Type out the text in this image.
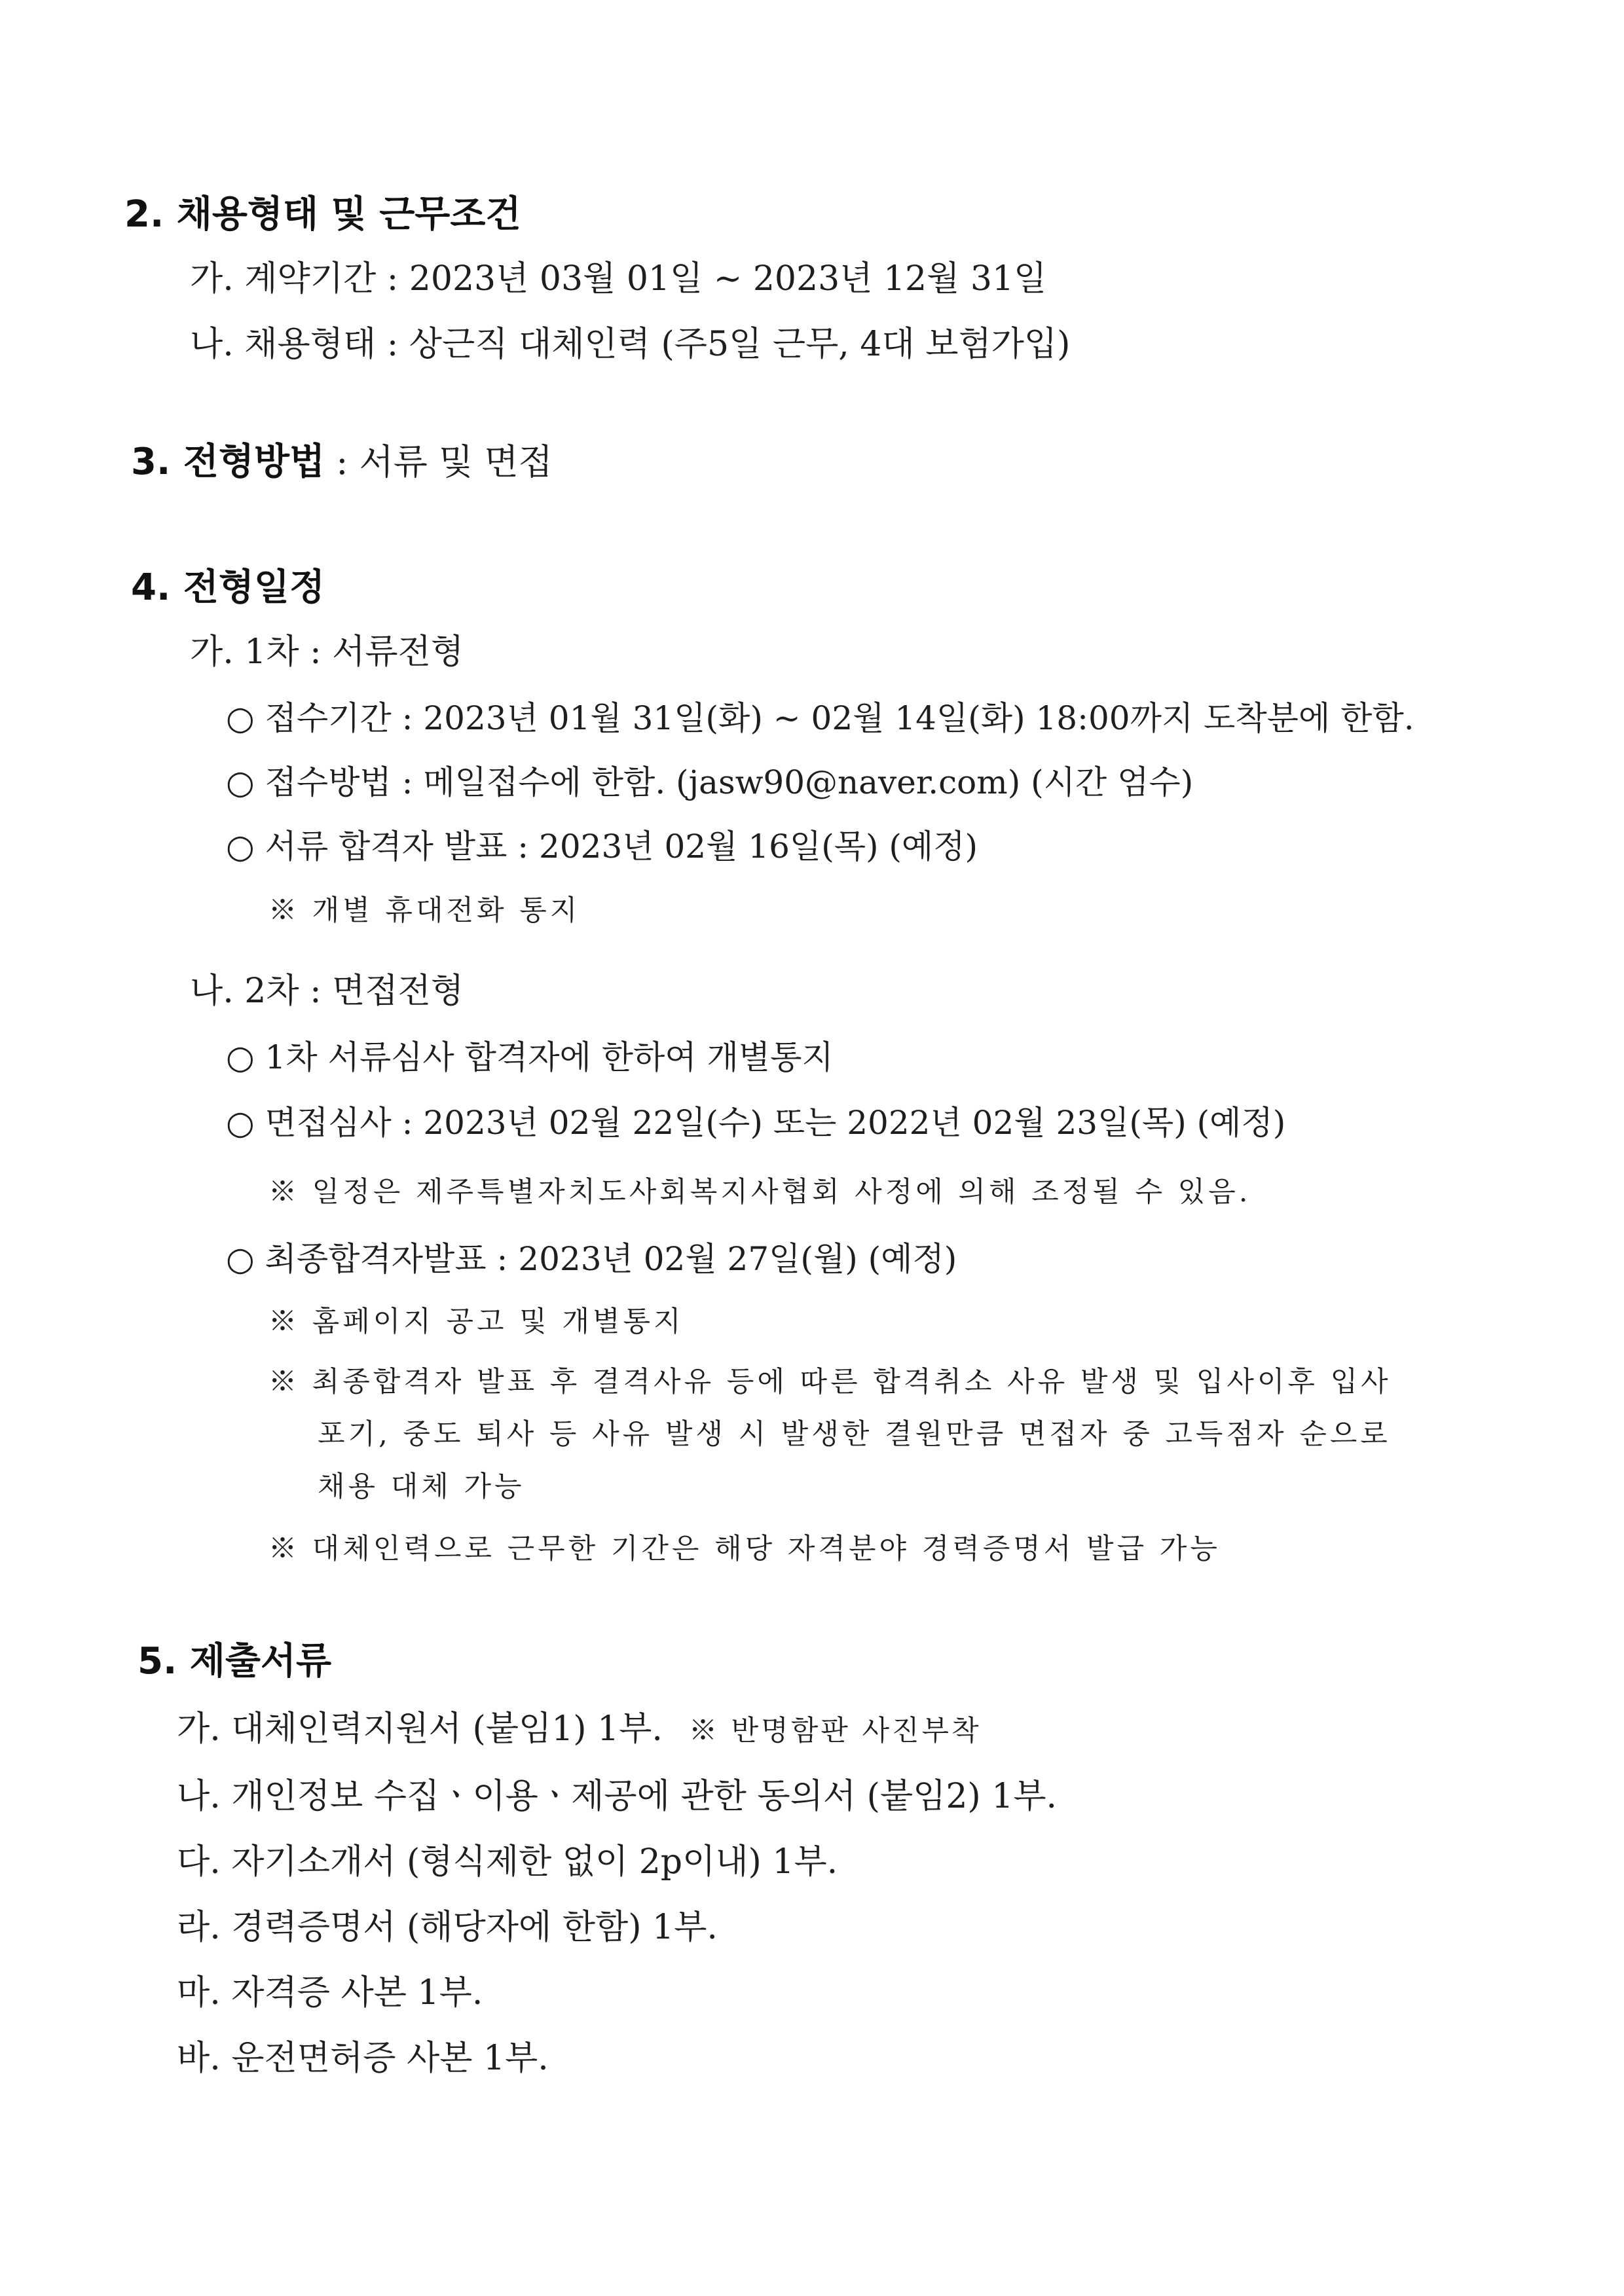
2. 채용형태 및 근무조건
가. 계약기간 : 2023년 03월 01일 ~ 2023년 12월 31일
나. 채용형태 : 상근직 대체인력 (주5일 근무, 4대 보험가입)
3. 전형방법 : 서류 및 면접
4. 전형일정
가. 1차 : 서류전형
○ 접수기간 : 2023년 01월 31일(화) ~ 02월 14일(화) 18:00까지 도착분에 한함.
○ 접수방법 : 메일접수에 한함. (jasw90@naver.com) (시간 엄수)
○ 서류 합격자 발표 : 2023년 02월 16일(목) (예정)
※ 개별 휴대전화 통지
나. 2차 : 면접전형
○ 1차 서류심사 합격자에 한하여 개별통지
○ 면접심사 : 2023년 02월 22일(수) 또는 2022년 02월 23일(목) (예정)
※ 일정은 제주특별자치도사회복지사협회 사정에 의해 조정될 수 있음.
○ 최종합격자발표 : 2023년 02월 27일(월) (예정)
※ 홈페이지 공고 및 개별통지
※ 최종합격자 발표 후 결격사유 등에 따른 합격취소 사유 발생 및 입사이후 입사
포기, 중도 퇴사 등 사유 발생 시 발생한 결원만큼 면접자 중 고득점자 순으로
채용 대체 가능
※ 대체인력으로 근무한 기간은 해당 자격분야 경력증명서 발급 가능
5. 제출서류
가. 대체인력지원서 (붙임1) 1부. ※ 반명함판 사진부착
나. 개인정보 수집ㆍ이용ㆍ제공에 관한 동의서 (붙임2) 1부.
다. 자기소개서 (형식제한 없이 2p이내) 1부.
라. 경력증명서 (해당자에 한함) 1부.
마. 자격증 사본 1부.
바. 운전면허증 사본 1부.
